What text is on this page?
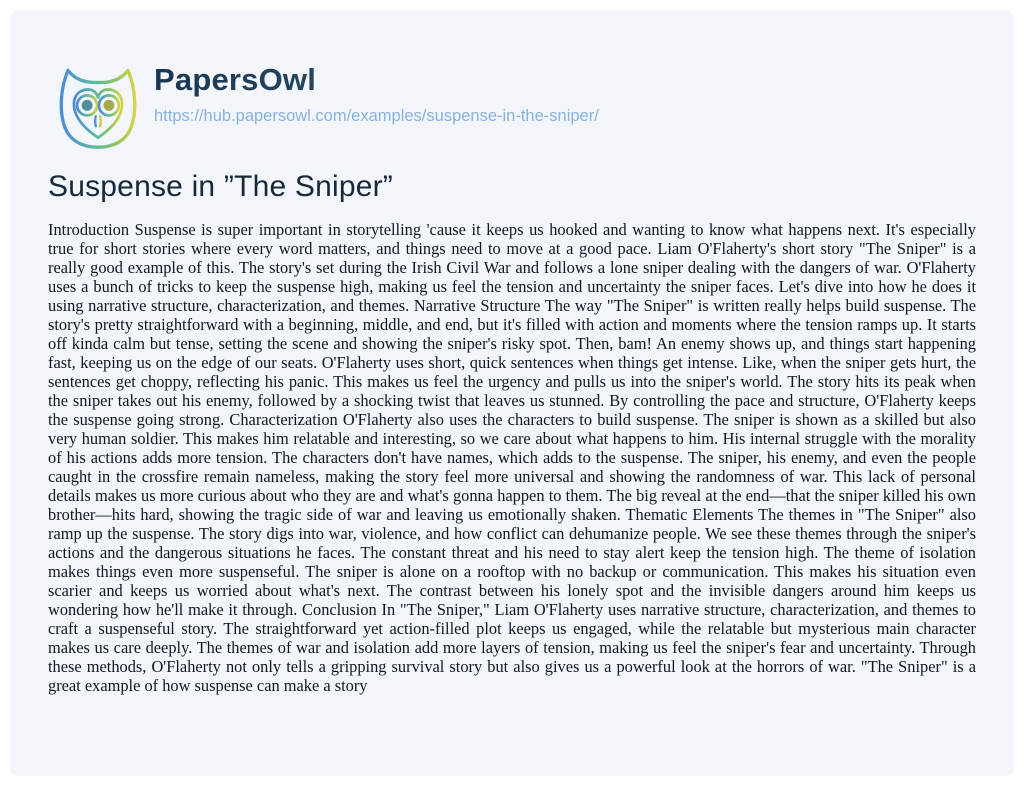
PapersOwl
https://hub.papersowl.com/examples/suspense-in-the-sniper/
Suspense in ”The Sniper”

Introduction Suspense is super important in storytelling 'cause it keeps us hooked and wanting to know what happens next. It's especially true for short stories where every word matters, and things need to move at a good pace. Liam O'Flaherty's short story "The Sniper" is a really good example of this. The story's set during the Irish Civil War and follows a lone sniper dealing with the dangers of war. O'Flaherty uses a bunch of tricks to keep the suspense high, making us feel the tension and uncertainty the sniper faces. Let's dive into how he does it using narrative structure, characterization, and themes. Narrative Structure The way "The Sniper" is written really helps build suspense. The story's pretty straightforward with a beginning, middle, and end, but it's filled with action and moments where the tension ramps up. It starts off kinda calm but tense, setting the scene and showing the sniper's risky spot. Then, bam! An enemy shows up, and things start happening fast, keeping us on the edge of our seats. O'Flaherty uses short, quick sentences when things get intense. Like, when the sniper gets hurt, the sentences get choppy, reflecting his panic. This makes us feel the urgency and pulls us into the sniper's world. The story hits its peak when the sniper takes out his enemy, followed by a shocking twist that leaves us stunned. By controlling the pace and structure, O'Flaherty keeps the suspense going strong. Characterization O'Flaherty also uses the characters to build suspense. The sniper is shown as a skilled but also very human soldier. This makes him relatable and interesting, so we care about what happens to him. His internal struggle with the morality of his actions adds more tension. The characters don't have names, which adds to the suspense. The sniper, his enemy, and even the people caught in the crossfire remain nameless, making the story feel more universal and showing the randomness of war. This lack of personal details makes us more curious about who they are and what's gonna happen to them. The big reveal at the end—that the sniper killed his own brother—hits hard, showing the tragic side of war and leaving us emotionally shaken. Thematic Elements The themes in "The Sniper" also ramp up the suspense. The story digs into war, violence, and how conflict can dehumanize people. We see these themes through the sniper's actions and the dangerous situations he faces. The constant threat and his need to stay alert keep the tension high. The theme of isolation makes things even more suspenseful. The sniper is alone on a rooftop with no backup or communication. This makes his situation even scarier and keeps us worried about what's next. The contrast between his lonely spot and the invisible dangers around him keeps us wondering how he'll make it through. Conclusion In "The Sniper," Liam O'Flaherty uses narrative structure, characterization, and themes to craft a suspenseful story. The straightforward yet action-filled plot keeps us engaged, while the relatable but mysterious main character makes us care deeply. The themes of war and isolation add more layers of tension, making us feel the sniper's fear and uncertainty. Through these methods, O'Flaherty not only tells a gripping survival story but also gives us a powerful look at the horrors of war. "The Sniper" is a great example of how suspense can make a story
